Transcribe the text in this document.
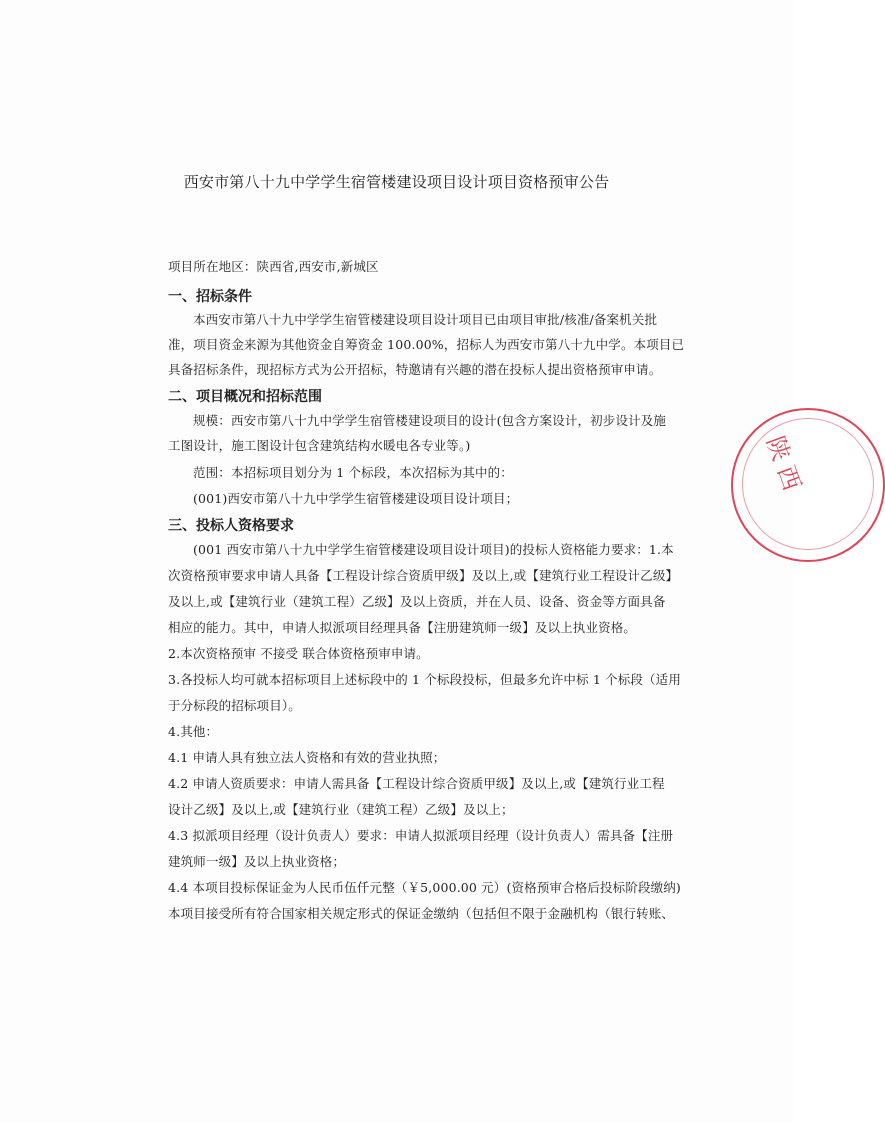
西安市第八十九中学学生宿管楼建设项目设计项目资格预审公告
项目所在地区：陕西省,西安市,新城区
一、招标条件
本西安市第八十九中学学生宿管楼建设项目设计项目已由项目审批/核准/备案机关批
准，项目资金来源为其他资金自筹资金 100.00%，招标人为西安市第八十九中学。本项目已
具备招标条件，现招标方式为公开招标，特邀请有兴趣的潜在投标人提出资格预审申请。
二、项目概况和招标范围
规模：西安市第八十九中学学生宿管楼建设项目的设计(包含方案设计，初步设计及施
工图设计，施工图设计包含建筑结构水暖电各专业等。)
范围：本招标项目划分为 1 个标段，本次招标为其中的：
(001)西安市第八十九中学学生宿管楼建设项目设计项目；
三、投标人资格要求
(001 西安市第八十九中学学生宿管楼建设项目设计项目)的投标人资格能力要求：1.本
次资格预审要求申请人具备【工程设计综合资质甲级】及以上,或【建筑行业工程设计乙级】
及以上,或【建筑行业（建筑工程）乙级】及以上资质，并在人员、设备、资金等方面具备
相应的能力。其中，申请人拟派项目经理具备【注册建筑师一级】及以上执业资格。
2.本次资格预审 不接受 联合体资格预审申请。
3.各投标人均可就本招标项目上述标段中的 1 个标段投标，但最多允许中标 1 个标段（适用
于分标段的招标项目）。
4.其他：
4.1 申请人具有独立法人资格和有效的营业执照；
4.2 申请人资质要求：申请人需具备【工程设计综合资质甲级】及以上,或【建筑行业工程
设计乙级】及以上,或【建筑行业（建筑工程）乙级】及以上；
4.3 拟派项目经理（设计负责人）要求：申请人拟派项目经理（设计负责人）需具备【注册
建筑师一级】及以上执业资格；
4.4 本项目投标保证金为人民币伍仟元整（￥5,000.00 元）(资格预审合格后投标阶段缴纳)
本项目接受所有符合国家相关规定形式的保证金缴纳（包括但不限于金融机构（银行转账、
陕 西
